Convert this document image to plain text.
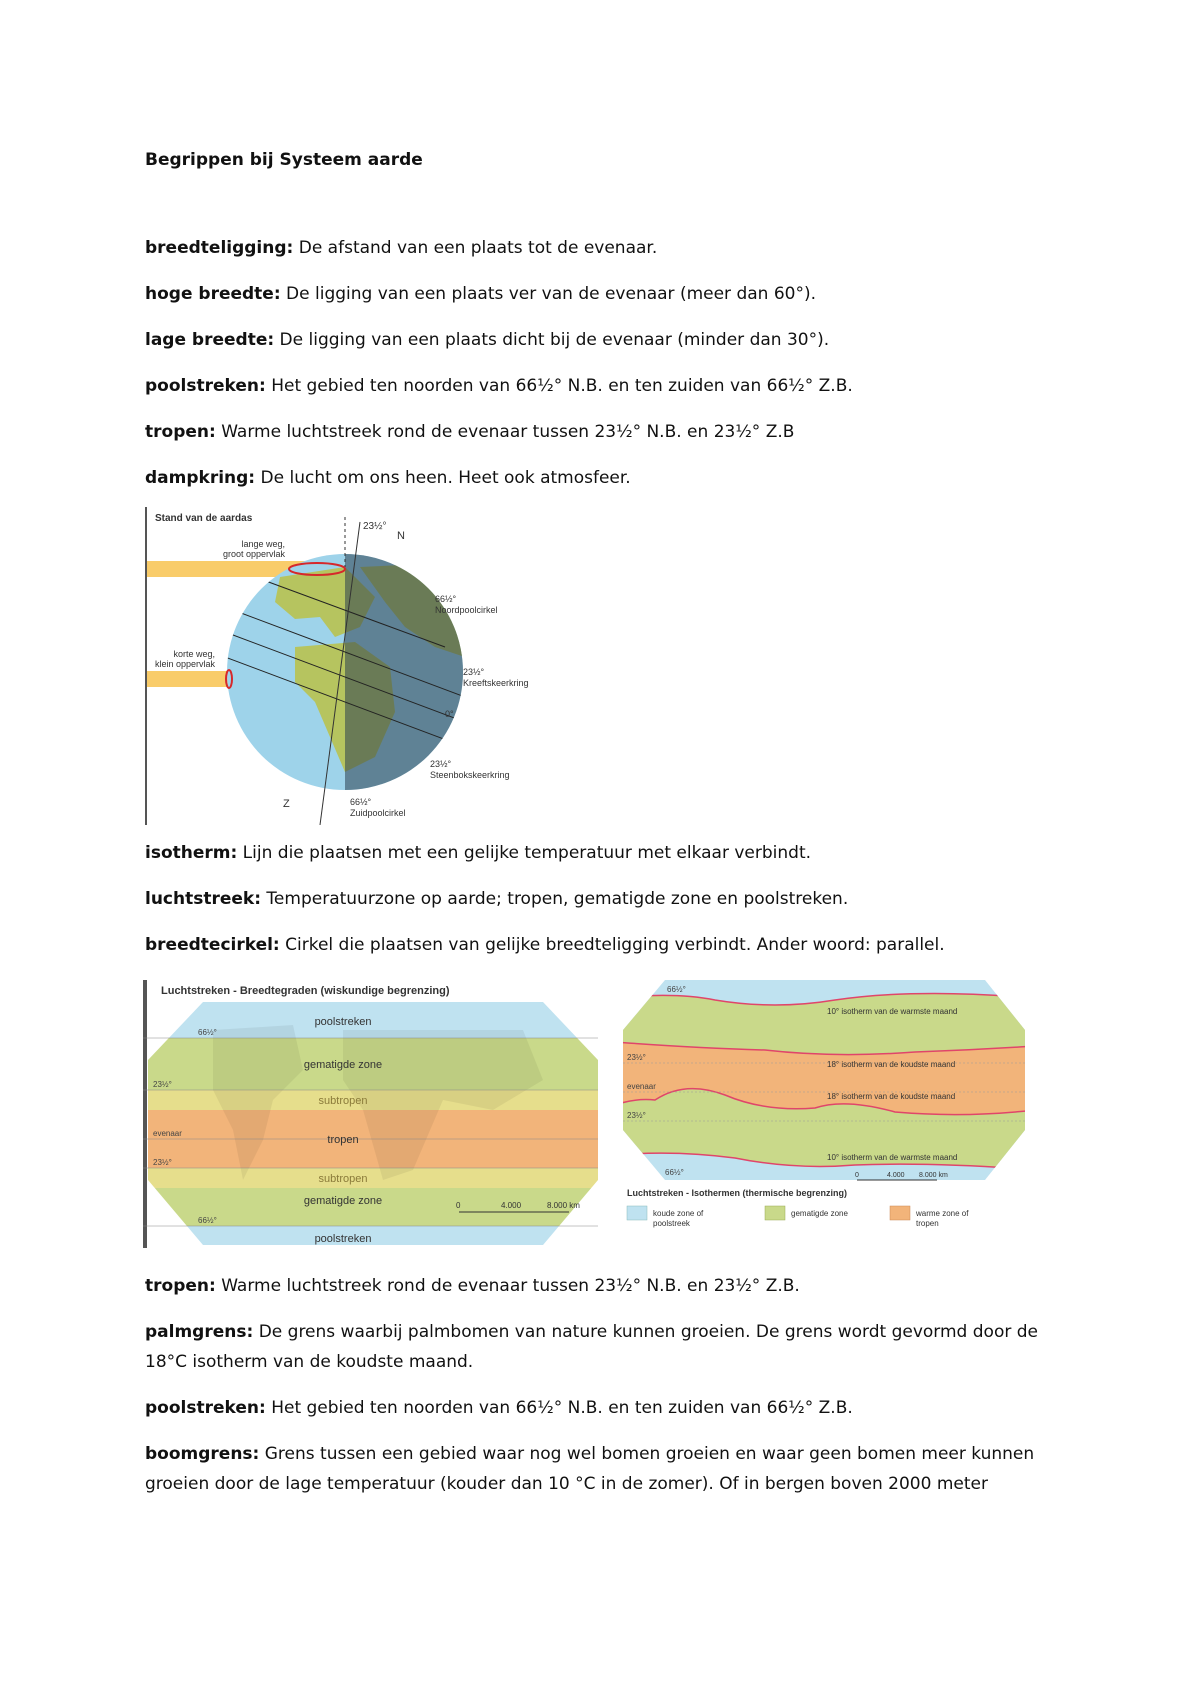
Begrippen bij Systeem aarde

breedteligging: De afstand van een plaats tot de evenaar.

hoge breedte: De ligging van een plaats ver van de evenaar (meer dan 60°).

lage breedte: De ligging van een plaats dicht bij de evenaar (minder dan 30°).

poolstreken: Het gebied ten noorden van 66½° N.B. en ten zuiden van 66½° Z.B.

tropen: Warme luchtstreek rond de evenaar tussen 23½° N.B. en 23½° Z.B

dampkring: De lucht om ons heen. Heet ook atmosfeer.

Stand van de aardas
lange weg, groot oppervlak
korte weg, klein oppervlak
23½°
N
Z
66½°
Noordpoolcirkel
23½°
Kreeftskeerkring
0°
23½°
Steenbokskeerkring
66½°
Zuidpoolcirkel

isotherm: Lijn die plaatsen met een gelijke temperatuur met elkaar verbindt.

luchtstreek: Temperatuurzone op aarde; tropen, gematigde zone en poolstreken.

breedtecirkel: Cirkel die plaatsen van gelijke breedteligging verbindt. Ander woord: parallel.

Luchtstreken - Breedtegraden (wiskundige begrenzing)
poolstreken
gematigde zone
subtropen
tropen
subtropen
gematigde zone
poolstreken
66½°
23½°
evenaar
23½°
66½°
0	4.000	8.000 km
66½°
23½°
evenaar
23½°
66½°
10° isotherm van de warmste maand
18° isotherm van de koudste maand
18° isotherm van de koudste maand
10° isotherm van de warmste maand
0	4.000 8.000 km
Luchtstreken - Isothermen (thermische begrenzing)
koude zone of poolstreek
gematigde zone	warme zone of tropen

tropen: Warme luchtstreek rond de evenaar tussen 23½° N.B. en 23½° Z.B.

palmgrens: De grens waarbij palmbomen van nature kunnen groeien. De grens wordt gevormd door de 18°C isotherm van de koudste maand.

poolstreken: Het gebied ten noorden van 66½° N.B. en ten zuiden van 66½° Z.B.

boomgrens: Grens tussen een gebied waar nog wel bomen groeien en waar geen bomen meer kunnen groeien door de lage temperatuur (kouder dan 10 °C in de zomer). Of in bergen boven 2000 meter
